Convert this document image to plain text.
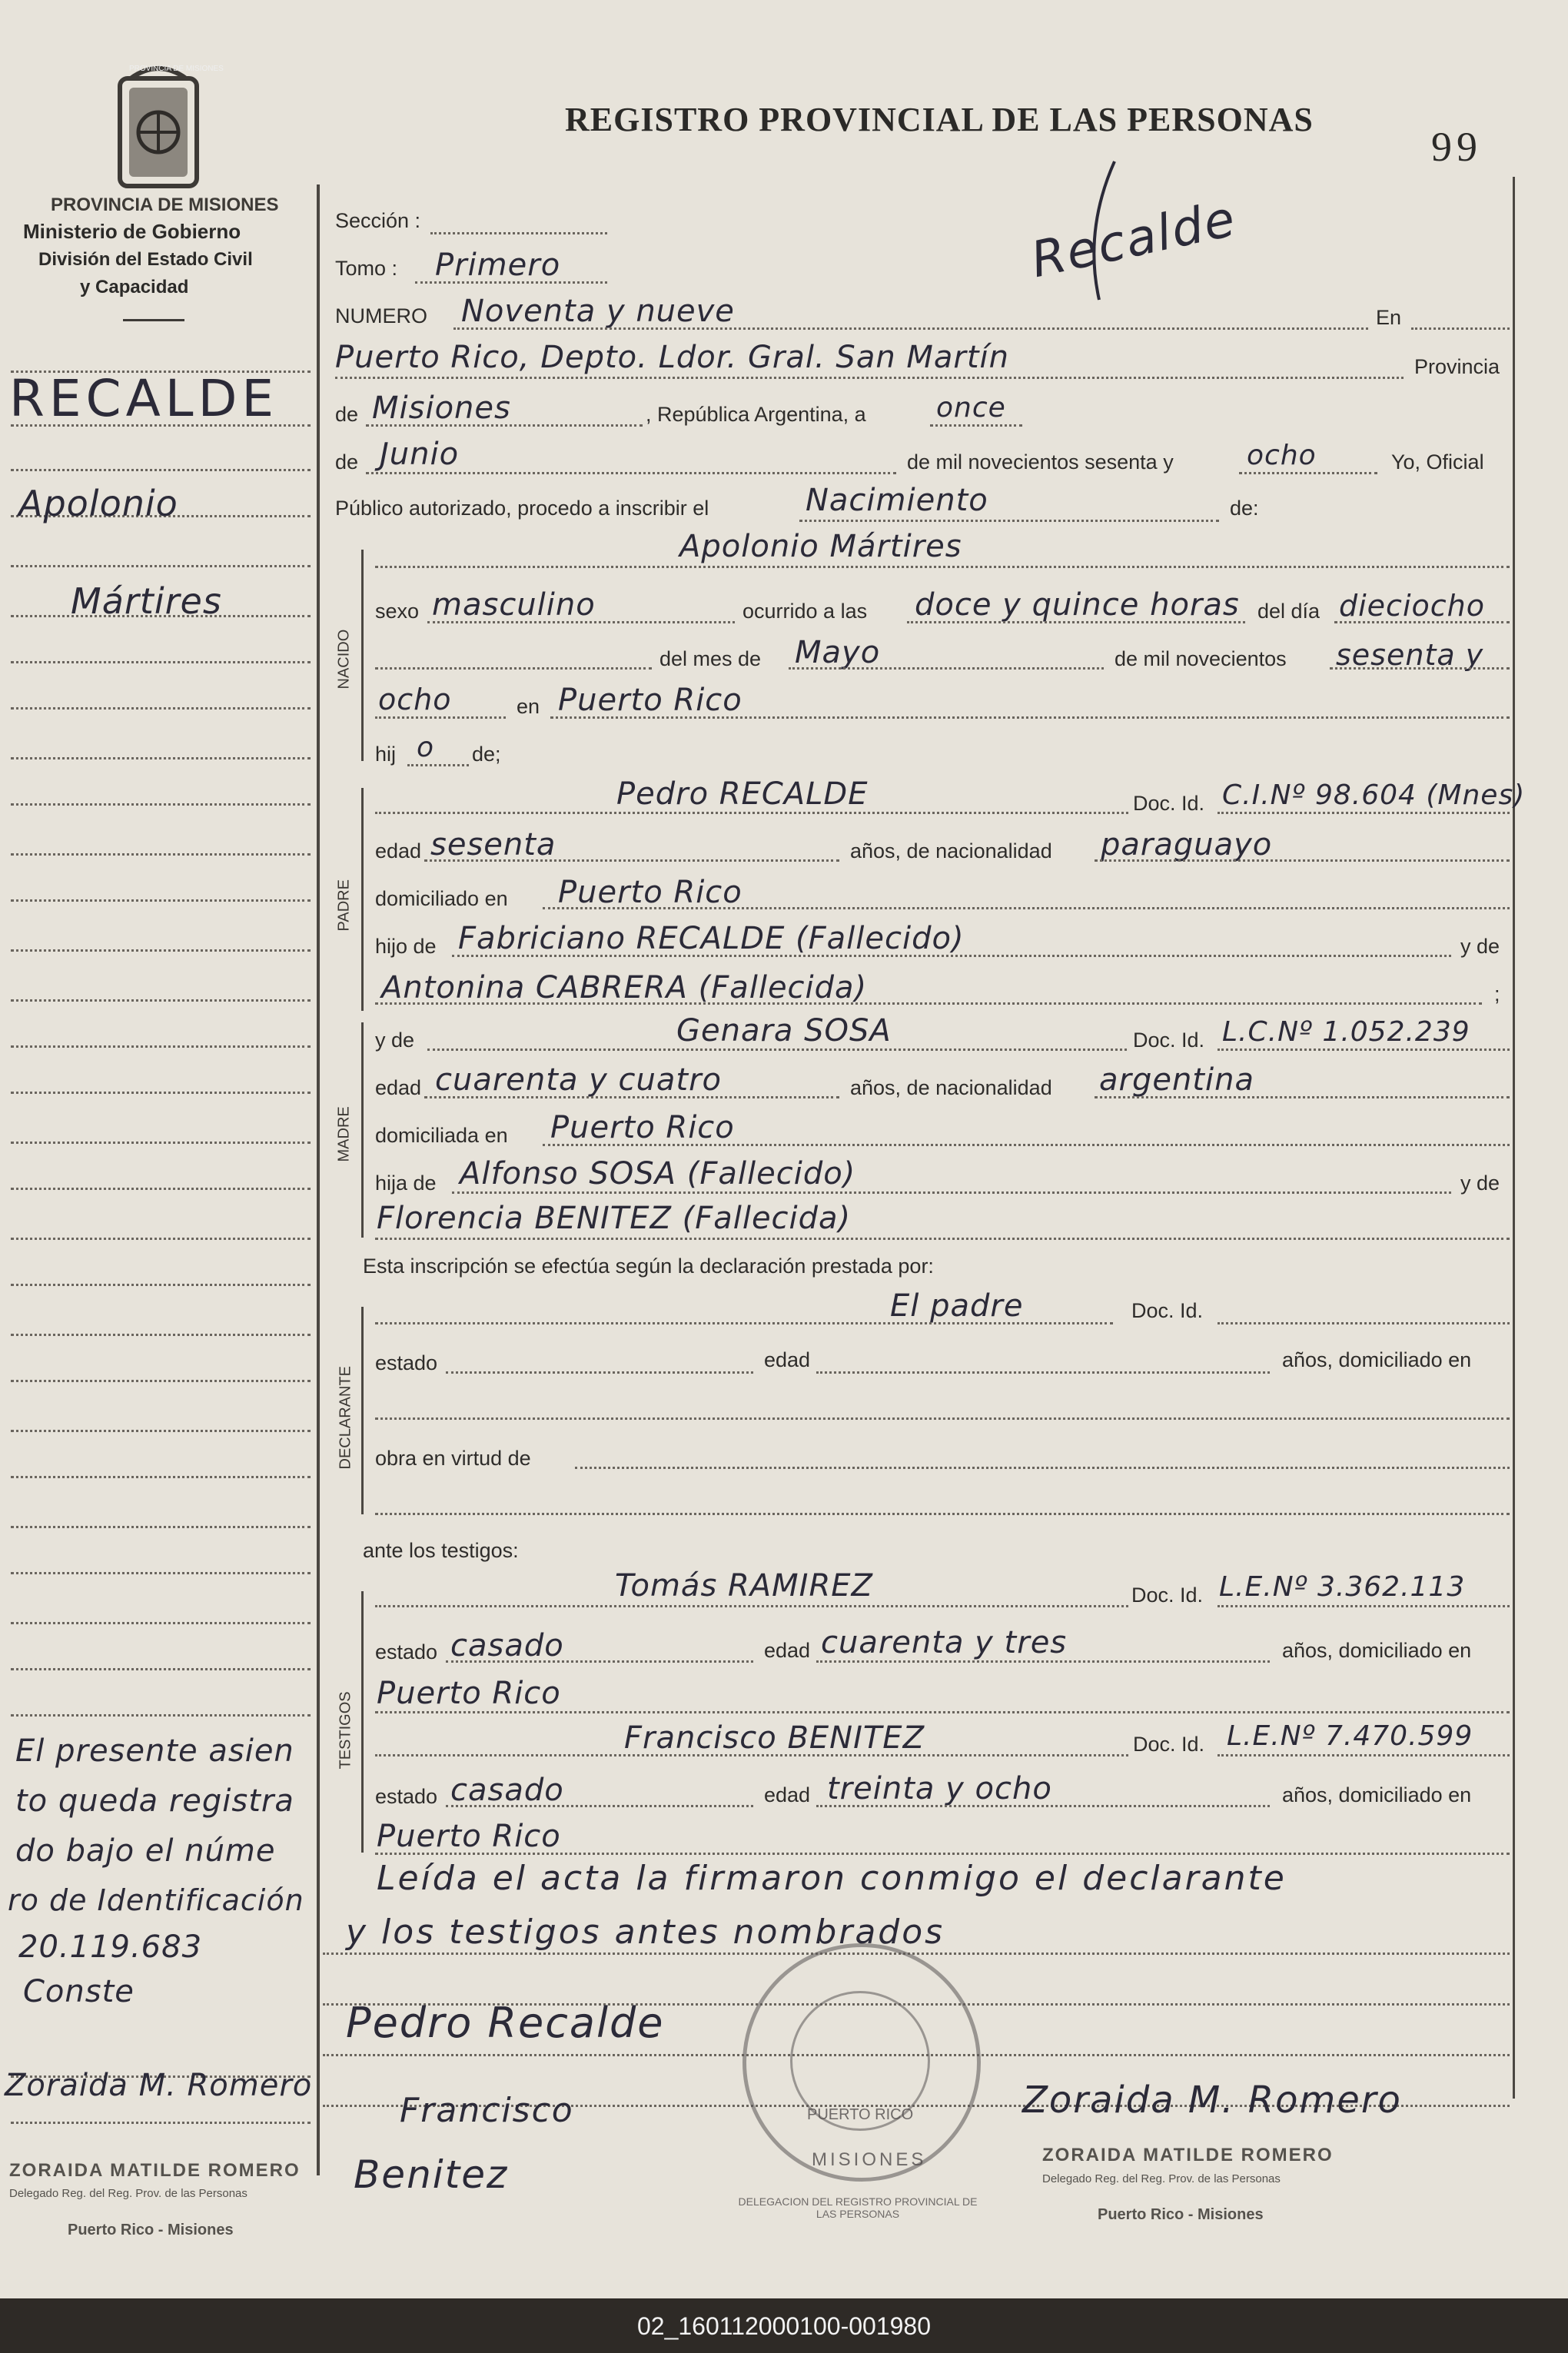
PROVINCIA DE MISIONES
PROVINCIA DE MISIONES
Ministerio de Gobierno
División del Estado Civil
y Capacidad
REGISTRO PROVINCIAL DE LAS PERSONAS
99
Recalde
NACIDO
PADRE
MADRE
DECLARANTE
TESTIGOS
RECALDE
Apolonio
Mártires
El presente asien
to queda registra
do bajo el núme
ro de Identificación
20.119.683
Conste
Zoraida M. Romero
ZORAIDA MATILDE ROMERO
Delegado Reg. del Reg. Prov. de las Personas
Puerto Rico - Misiones
Sección :
Tomo : Primero
NUMERO Noventa y nueve	En
Puerto Rico, Depto. Ldor. Gral. San Martín	Provincia
de Misiones	, República Argentina, a	once
de Junio	de mil novecientos sesenta y	ocho	Yo, Oficial
Público autorizado, procedo a inscribir el	Nacimiento	de:
Apolonio Mártires
sexo masculino	ocurrido a las doce y quince horas del día dieciocho
del mes de Mayo	de mil novecientos sesenta y
ocho	en Puerto Rico
hij o de;
Pedro RECALDE	Doc. Id. C.I.Nº 98.604 (Mnes)
edad sesenta	años, de nacionalidad paraguayo
domiciliado en Puerto Rico
hijo de Fabriciano RECALDE (Fallecido)	y de
Antonina CABRERA (Fallecida)	;
y de	Genara SOSA	Doc. Id. L.C.Nº 1.052.239
edad cuarenta y cuatro	años, de nacionalidad argentina
domiciliada en Puerto Rico
hija de Alfonso SOSA (Fallecido)	y de
Florencia BENITEZ (Fallecida)
Esta inscripción se efectúa según la declaración prestada por:
El padre	Doc. Id.
estado	edad	años, domiciliado en
obra en virtud de
ante los testigos:
Tomás RAMIREZ	Doc. Id. L.E.Nº 3.362.113
estado casado	edad cuarenta y tres	años, domiciliado en
Puerto Rico
Francisco BENITEZ	Doc. Id. L.E.Nº 7.470.599
estado casado	edad treinta y ocho	años, domiciliado en
Puerto Rico
Leída el acta la firmaron conmigo el declarante
y los testigos antes nombrados
Pedro Recalde
Francisco
Benitez
Zoraida M. Romero
DELEGACION DEL REGISTRO PROVINCIAL DE LAS PERSONAS
PUERTO RICO
MISIONES	ZORAIDA MATILDE ROMERO
Delegado Reg. del Reg. Prov. de las Personas
Puerto Rico - Misiones
02_160112000100-001980
